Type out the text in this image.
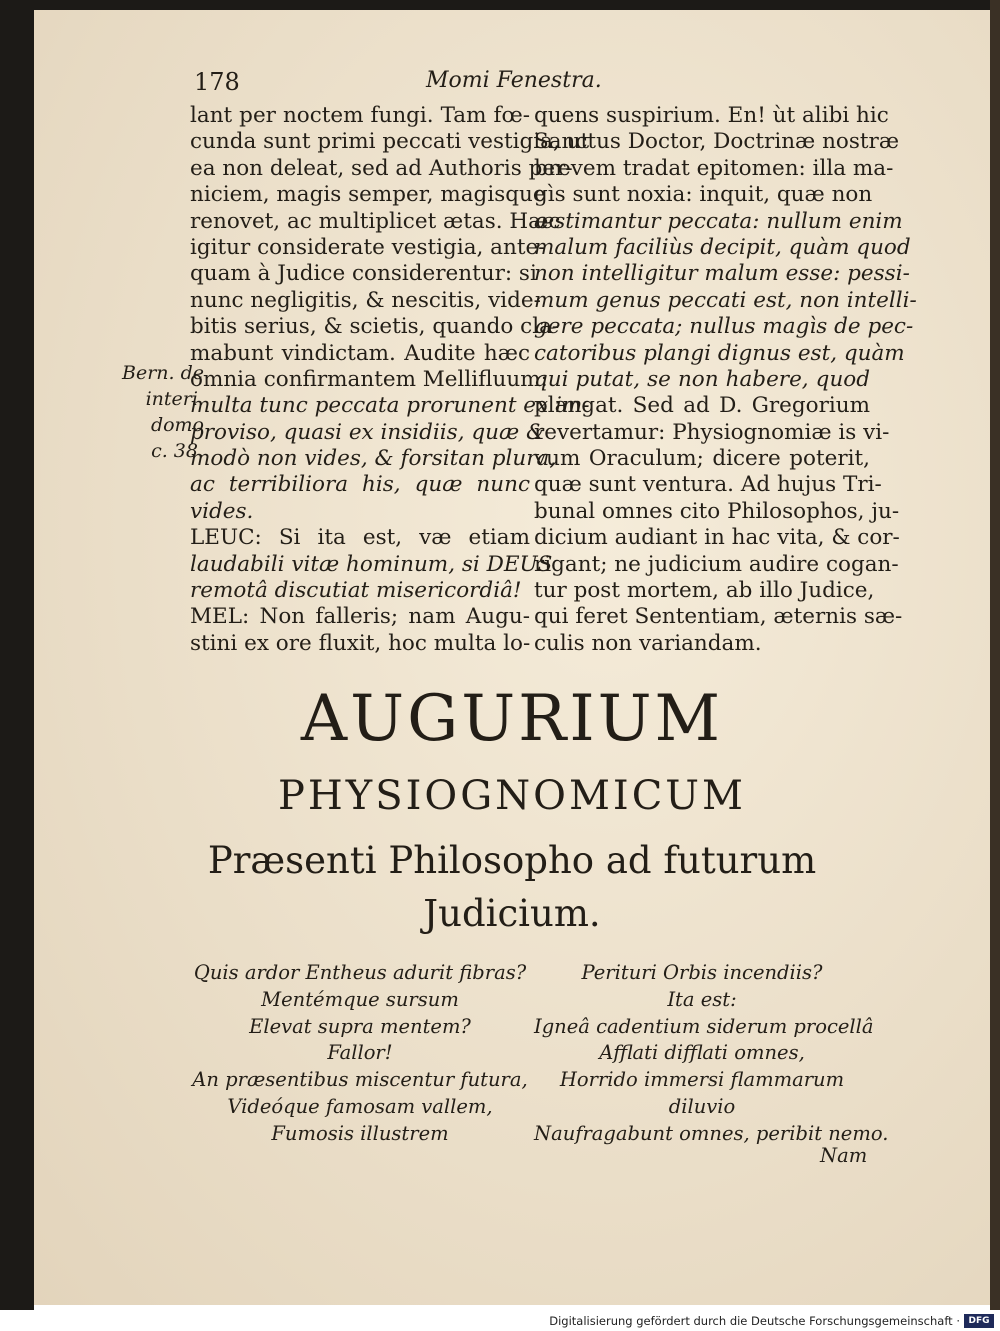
178	Momi Fenestra.

lant per noctem fungi. Tam fœ-
cunda sunt primi peccati vestigia, ut
ea non deleat, sed ad Authoris per-
niciem, magis semper, magisque
renovet, ac multiplicet ætas. Hæc
igitur considerate vestigia, ante-
quam à Judice considerentur: si
nunc negligitis, & nescitis, vide-
bitis serius, & scietis, quando cla-
mabunt vindictam. Audite hæc
omnia confirmantem Mellifluum:
multa tunc peccata prorunent ex im-
proviso, quasi ex insidiis, quæ &
modò non vides, & forsitan plura,
ac terribiliora his, quæ nunc
vides.
LEUC: Si ita est, væ etiam
laudabili vitæ hominum, si DEUS
remotâ discutiat misericordiâ!
MEL: Non falleris; nam Augu-
stini ex ore fluxit, hoc multa lo-
quens suspirium. En! ùt alibi hic
Sanctus Doctor, Doctrinæ nostræ
brevem tradat epitomen: illa ma-
gìs sunt noxia: inquit, quæ non
æstimantur peccata: nullum enim
malum faciliùs decipit, quàm quod
non intelligitur malum esse: pessi-
mum genus peccati est, non intelli-
gere peccata; nullus magìs de pec-
catoribus plangi dignus est, quàm
qui putat, se non habere, quod
plangat. Sed ad D. Gregorium
revertamur: Physiognomiæ is vi-
vum Oraculum; dicere poterit,
quæ sunt ventura. Ad hujus Tri-
bunal omnes cito Philosophos, ju-
dicium audiant in hac vita, & cor-
rigant; ne judicium audire cogan-
tur post mortem, ab illo Judice,
qui feret Sententiam, æternis sæ-
culis non variandam.
Bern. de
interi.
domo
c. 38.
AUGURIUM
PHYSIOGNOMICUM
Præsenti Philosopho ad futurum
Judicium.
Quis ardor Entheus adurit fibras?
Mentémque sursum
Elevat supra mentem?
Fallor!
An præsentibus miscentur futura,
Videóque famosam vallem,
Fumosis illustrem
Perituri Orbis incendiis?
Ita est:
Igneâ cadentium siderum procellâ
Afflati difflati omnes,
Horrido immersi flammarum
diluvio
Naufragabunt omnes, peribit nemo.
Nam
Digitalisierung gefördert durch die Deutsche Forschungsgemeinschaft · DFG
